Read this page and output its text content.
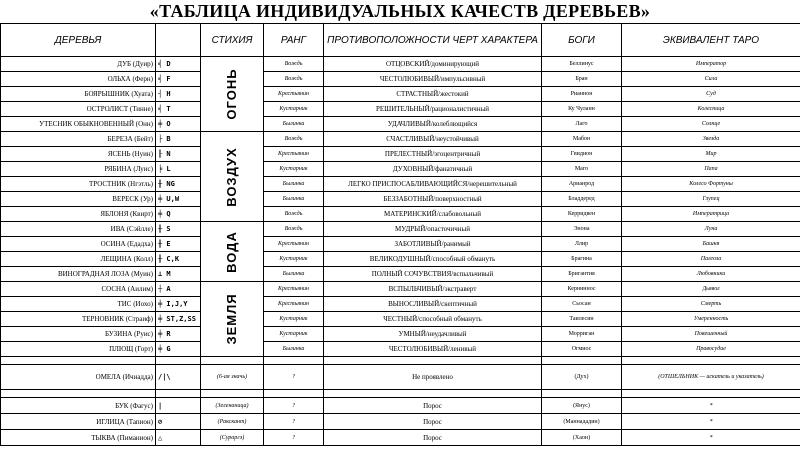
«ТАБЛИЦА ИНДИВИДУАЛЬНЫХ КАЧЕСТВ ДЕРЕВЬЕВ»
ДЕРЕВЬЯ		СТИХИЯ	РАНГ	ПРОТИВОПОЛОЖНОСТИ ЧЕРТ ХАРАКТЕРА	БОГИ	ЭКВИВАЛЕНТ ТАРО
ДУБ (Дуир)	╡ D	ОГОНЬ	Вождь	ОТЦОВСКИЙ/доминирующий	Беллинус	Император
ОЛЬХА (Ферн)	╡ F		Вождь	ЧЕСТОЛЮБИВЫЙ/импульсивный	Бран	Сила
БОЯРЫШНИК (Хуата)	┤ H		Крестьянин	СТРАСТНЫЙ/жестокий	Рианнон	Суд
ОСТРОЛИСТ (Тинне)	╡ T		Кустарник	РЕШИТЕЛЬНЫЙ/рационалистичный	Ку Чуланн	Колесница
УТЕСНИК ОБЫКНОВЕННЫЙ (Онн)	╪ O		Былинка	УДАЧЛИВЫЙ/колеблющийся	Лаго	Солнце
БЕРЕЗА (Бейт)	├ B	ВОЗДУХ	Вождь	СЧАСТЛИВЫЙ/неустойчивый	Мабон	Звезда
ЯСЕНЬ (Нуин)	╟ N		Крестьянин	ПРЕЛЕСТНЫЙ/эгоцентричный	Гвидион	Мир
РЯБИНА (Луис)	╞ L		Кустарник	ДУХОВНЫЙ/фанатичный	Маго	Папа
ТРОСТНИК (Нгэтль)	╫ NG		Былинка	ЛЕГКО ПРИСПОСАБЛИВАЮЩИЙСЯ/нерешительный	Арианрод	Колесо Фортуны
ВЕРЕСК (Ур)	╪ U,W		Былинка	БЕЗЗАБОТНЫЙ/поверхностный	Бладдеред	Глупец
ЯБЛОНЯ (Квирт)	╪ Q		Вождь	МАТЕРИНСКИЙ/слабовольный	Керридвен	Императрица
ИВА (Сэйлле)	╫ S	ВОДА	Вождь	МУДРЫЙ/опасточичный	Энона	Луна
ОСИНА (Едадха)	╫ E		Крестьянин	ЗАБОТЛИВЫЙ/ранимый	Ллир	Башня
ЛЕЩИНА (Колл)	╫ C,K		Кустарник	ВЕЛИКОДУШНЫЙ/способный обмануть	Брагина	Пагеоза
ВИНОГРАДНАЯ ЛОЗА (Муин)	⊥ M		Былинка	ПОЛНЫЙ СОЧУВСТВИЯ/вспыльчивый	Бригантия	Любовники
СОСНА (Аилим)	┼ A	ЗЕМЛЯ	Крестьянин	ВСПЫЛЬЧИВЫЙ/экстраверт	Керниннос	Дьявол
ТИС (Иохо)	╪ I,J,Y		Крестьянин	ВЫНОСЛИВЫЙ/скептичный	Сьосан	Смерть
ТЕРНОВНИК (Страиф)	╪ ST,Z,SS		Кустарник	ЧЕСТНЫЙ/способный обмануть	Таилесин	Умеренность
БУЗИНА (Руис)	╪ R		Кустарник	УМНЫЙ/неудачливый	Морриган	Повешенный
ПЛЮЩ (Горт)	╪ G		Былинка	ЧЕСТОЛЮБИВЫЙ/ленивый	Огмиос	Правосудие

ОМЕЛА (Ичиадда)	∕|\	(6-ая значь)	?	Не проявлено	(Дух)	(ОТШЕЛЬНИК — искатель и указатель)

БУК (Фагус)	|	(Зеленаница)	?	Порос	(Янус)	*
ИГЛИЦА (Тапион)	⊘	(Ракскант)	?	Порос	(Маннададин)	*
ТЫКВА (Пиманион)	△	(Сураргэ)	?	Порос	(Хаон)	*
